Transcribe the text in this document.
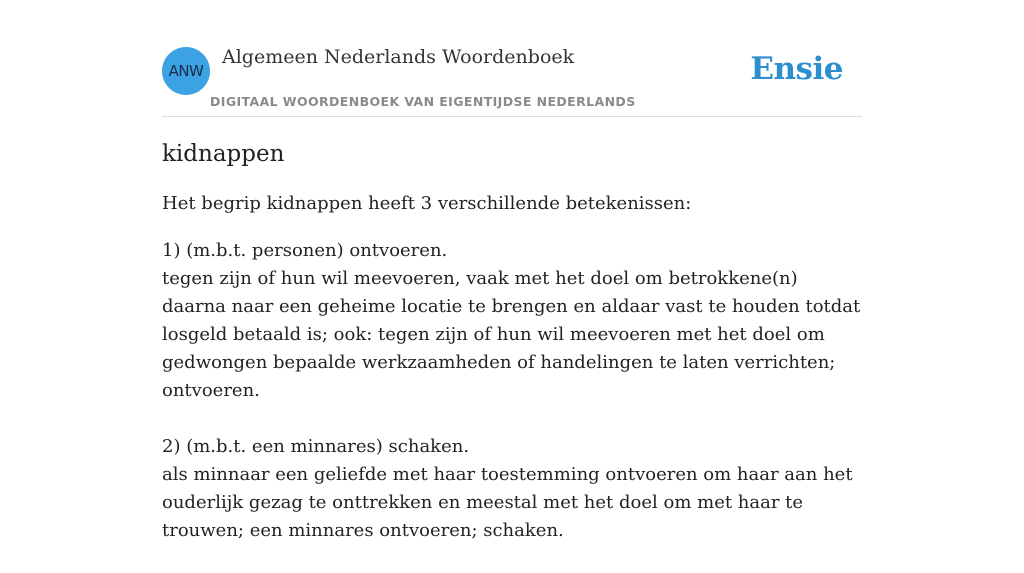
ANW
Algemeen Nederlands Woordenboek
DIGITAAL WOORDENBOEK VAN EIGENTIJDSE NEDERLANDS
Ensie
kidnappen

Het begrip kidnappen heeft 3 verschillende betekenissen:

1) (m.b.t. personen) ontvoeren.
tegen zijn of hun wil meevoeren, vaak met het doel om betrokkene(n) daarna naar een geheime locatie te brengen en aldaar vast te houden totdat losgeld betaald is; ook: tegen zijn of hun wil meevoeren met het doel om gedwongen bepaalde werkzaamheden of handelingen te laten verrichten; ontvoeren.
2) (m.b.t. een minnares) schaken.
als minnaar een geliefde met haar toestemming ontvoeren om haar aan het ouderlijk gezag te onttrekken en meestal met het doel om met haar te trouwen; een minnares ontvoeren; schaken.
